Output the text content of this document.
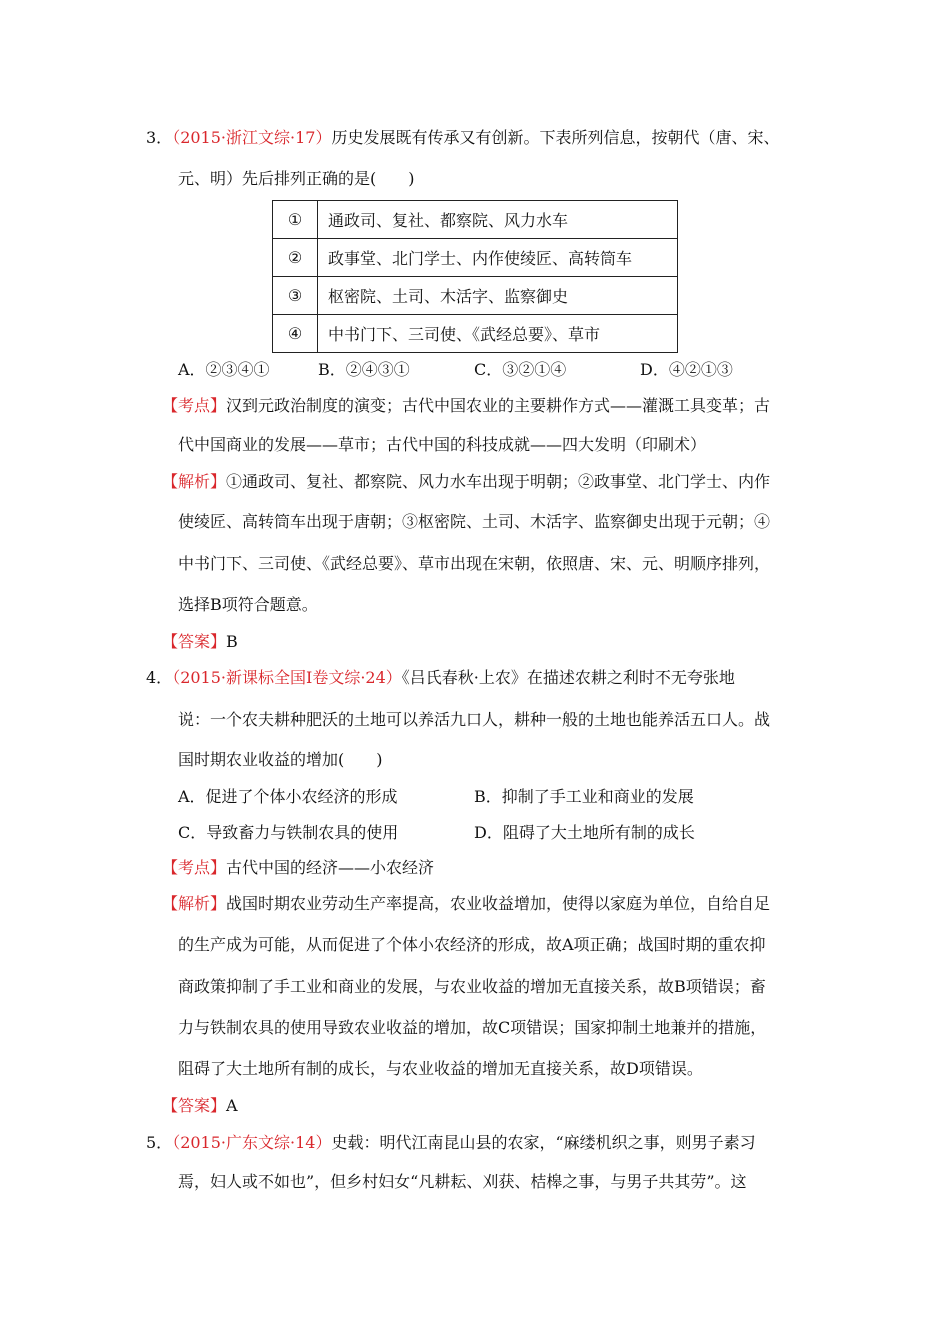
3．（2015·浙江文综·17）历史发展既有传承又有创新。下表所列信息，按朝代（唐、宋、
元、明）先后排列正确的是(　　)
①	通政司、复社、都察院、风力水车
②	政事堂、北门学士、内作使绫匠、高转筒车
③	枢密院、土司、木活字、监察御史
④	中书门下、三司使、《武经总要》、草市
A．②③④①	B．②④③①	C．③②①④	D．④②①③
【考点】汉到元政治制度的演变；古代中国农业的主要耕作方式——灌溉工具变革；古
代中国商业的发展——草市；古代中国的科技成就——四大发明（印刷术）
【解析】①通政司、复社、都察院、风力水车出现于明朝；②政事堂、北门学士、内作
使绫匠、高转筒车出现于唐朝；③枢密院、土司、木活字、监察御史出现于元朝；④
中书门下、三司使、《武经总要》、草市出现在宋朝，依照唐、宋、元、明顺序排列，
选择B项符合题意。
【答案】B
4．（2015·新课标全国Ⅰ卷文综·24）《吕氏春秋·上农》在描述农耕之利时不无夸张地
说：一个农夫耕种肥沃的土地可以养活九口人，耕种一般的土地也能养活五口人。战
国时期农业收益的增加(　　)
A．促进了个体小农经济的形成	B．抑制了手工业和商业的发展
C．导致畜力与铁制农具的使用	D．阻碍了大土地所有制的成长
【考点】古代中国的经济——小农经济
【解析】战国时期农业劳动生产率提高，农业收益增加，使得以家庭为单位，自给自足
的生产成为可能，从而促进了个体小农经济的形成，故A项正确；战国时期的重农抑
商政策抑制了手工业和商业的发展，与农业收益的增加无直接关系，故B项错误；畜
力与铁制农具的使用导致农业收益的增加，故C项错误；国家抑制土地兼并的措施，
阻碍了大土地所有制的成长，与农业收益的增加无直接关系，故D项错误。
【答案】A
5．（2015·广东文综·14）史载：明代江南昆山县的农家，“麻缕机织之事，则男子素习
焉，妇人或不如也”，但乡村妇女“凡耕耘、刈获、桔槔之事，与男子共其劳”。这
